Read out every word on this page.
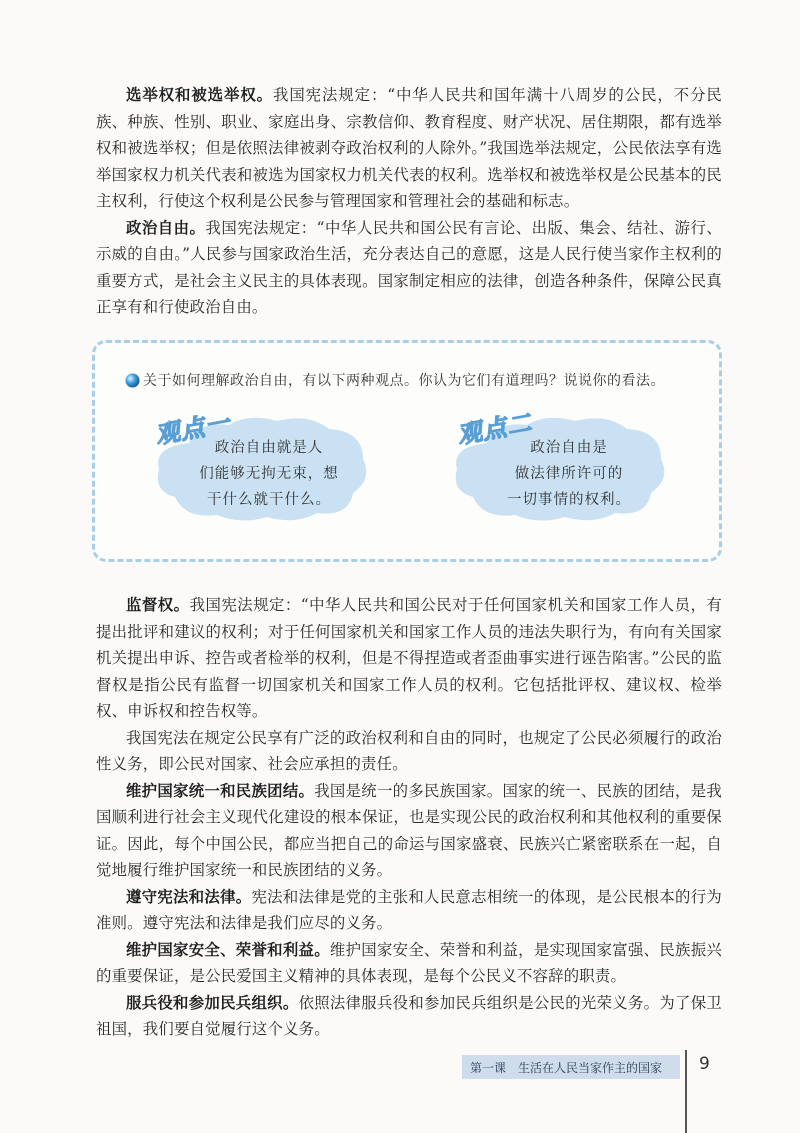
选举权和被选举权。我国宪法规定：“中华人民共和国年满十八周岁的公民，不分民族、种族、性别、职业、家庭出身、宗教信仰、教育程度、财产状况、居住期限，都有选举权和被选举权；但是依照法律被剥夺政治权利的人除外。”我国选举法规定，公民依法享有选举国家权力机关代表和被选为国家权力机关代表的权利。选举权和被选举权是公民基本的民主权利，行使这个权利是公民参与管理国家和管理社会的基础和标志。

政治自由。我国宪法规定：“中华人民共和国公民有言论、出版、集会、结社、游行、示威的自由。”人民参与国家政治生活，充分表达自己的意愿，这是人民行使当家作主权利的重要方式，是社会主义民主的具体表现。国家制定相应的法律，创造各种条件，保障公民真正享有和行使政治自由。

关于如何理解政治自由，有以下两种观点。你认为它们有道理吗？说说你的看法。
观点一
政治自由就是人
们能够无拘无束，想
干什么就干什么。
观点二
政治自由是
做法律所许可的
一切事情的权利。

监督权。我国宪法规定：“中华人民共和国公民对于任何国家机关和国家工作人员，有提出批评和建议的权利；对于任何国家机关和国家工作人员的违法失职行为，有向有关国家机关提出申诉、控告或者检举的权利，但是不得捏造或者歪曲事实进行诬告陷害。”公民的监督权是指公民有监督一切国家机关和国家工作人员的权利。它包括批评权、建议权、检举权、申诉权和控告权等。

我国宪法在规定公民享有广泛的政治权利和自由的同时，也规定了公民必须履行的政治性义务，即公民对国家、社会应承担的责任。

维护国家统一和民族团结。我国是统一的多民族国家。国家的统一、民族的团结，是我国顺利进行社会主义现代化建设的根本保证，也是实现公民的政治权利和其他权利的重要保证。因此，每个中国公民，都应当把自己的命运与国家盛衰、民族兴亡紧密联系在一起，自觉地履行维护国家统一和民族团结的义务。

遵守宪法和法律。宪法和法律是党的主张和人民意志相统一的体现，是公民根本的行为准则。遵守宪法和法律是我们应尽的义务。

维护国家安全、荣誉和利益。维护国家安全、荣誉和利益，是实现国家富强、民族振兴的重要保证，是公民爱国主义精神的具体表现，是每个公民义不容辞的职责。

服兵役和参加民兵组织。依照法律服兵役和参加民兵组织是公民的光荣义务。为了保卫祖国，我们要自觉履行这个义务。

第一课　生活在人民当家作主的国家 9
